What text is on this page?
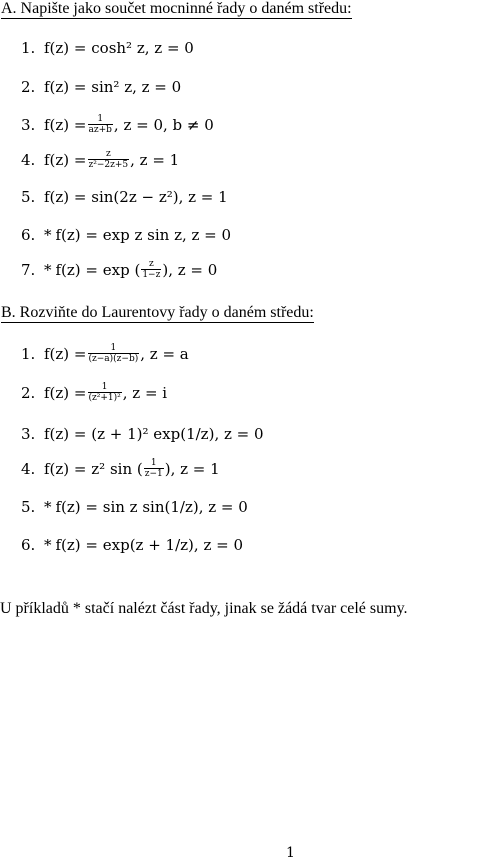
A. Napište jako součet mocninné řady o daném středu:
1. f(z) = cosh² z, z = 0
2. f(z) = sin² z, z = 0
3. $f(z) = \frac{1}{az+b}$ , z = 0, b ≠ 0
4. $f(z) = \frac{z}{\text{z²−2z+5}}$ , z = 1
5. f(z) = sin(2z − z²), z = 1
6. * f(z) = exp z sin z, z = 0
7. * f(z) = exp ( $\frac{z}{1-z}$ ), z = 0
B. Rozviňte do Laurentovy řady o daném středu:
1. $f(z) = \frac{1}{(z-a)(z-b)}$ , z = a
2. $f(z) = \frac{1}{\text{(z²+1)²}}$ , z = i
3. f(z) = (z + 1)² exp(1/z), z = 0
4. f(z) = z² sin ( $\frac{1}{z-1}$ ), z = 1
5. * f(z) = sin z sin(1/z), z = 0
6. * f(z) = exp(z + 1/z), z = 0
U příkladů * stačí nalézt část řady, jinak se žádá tvar celé sumy.
1
